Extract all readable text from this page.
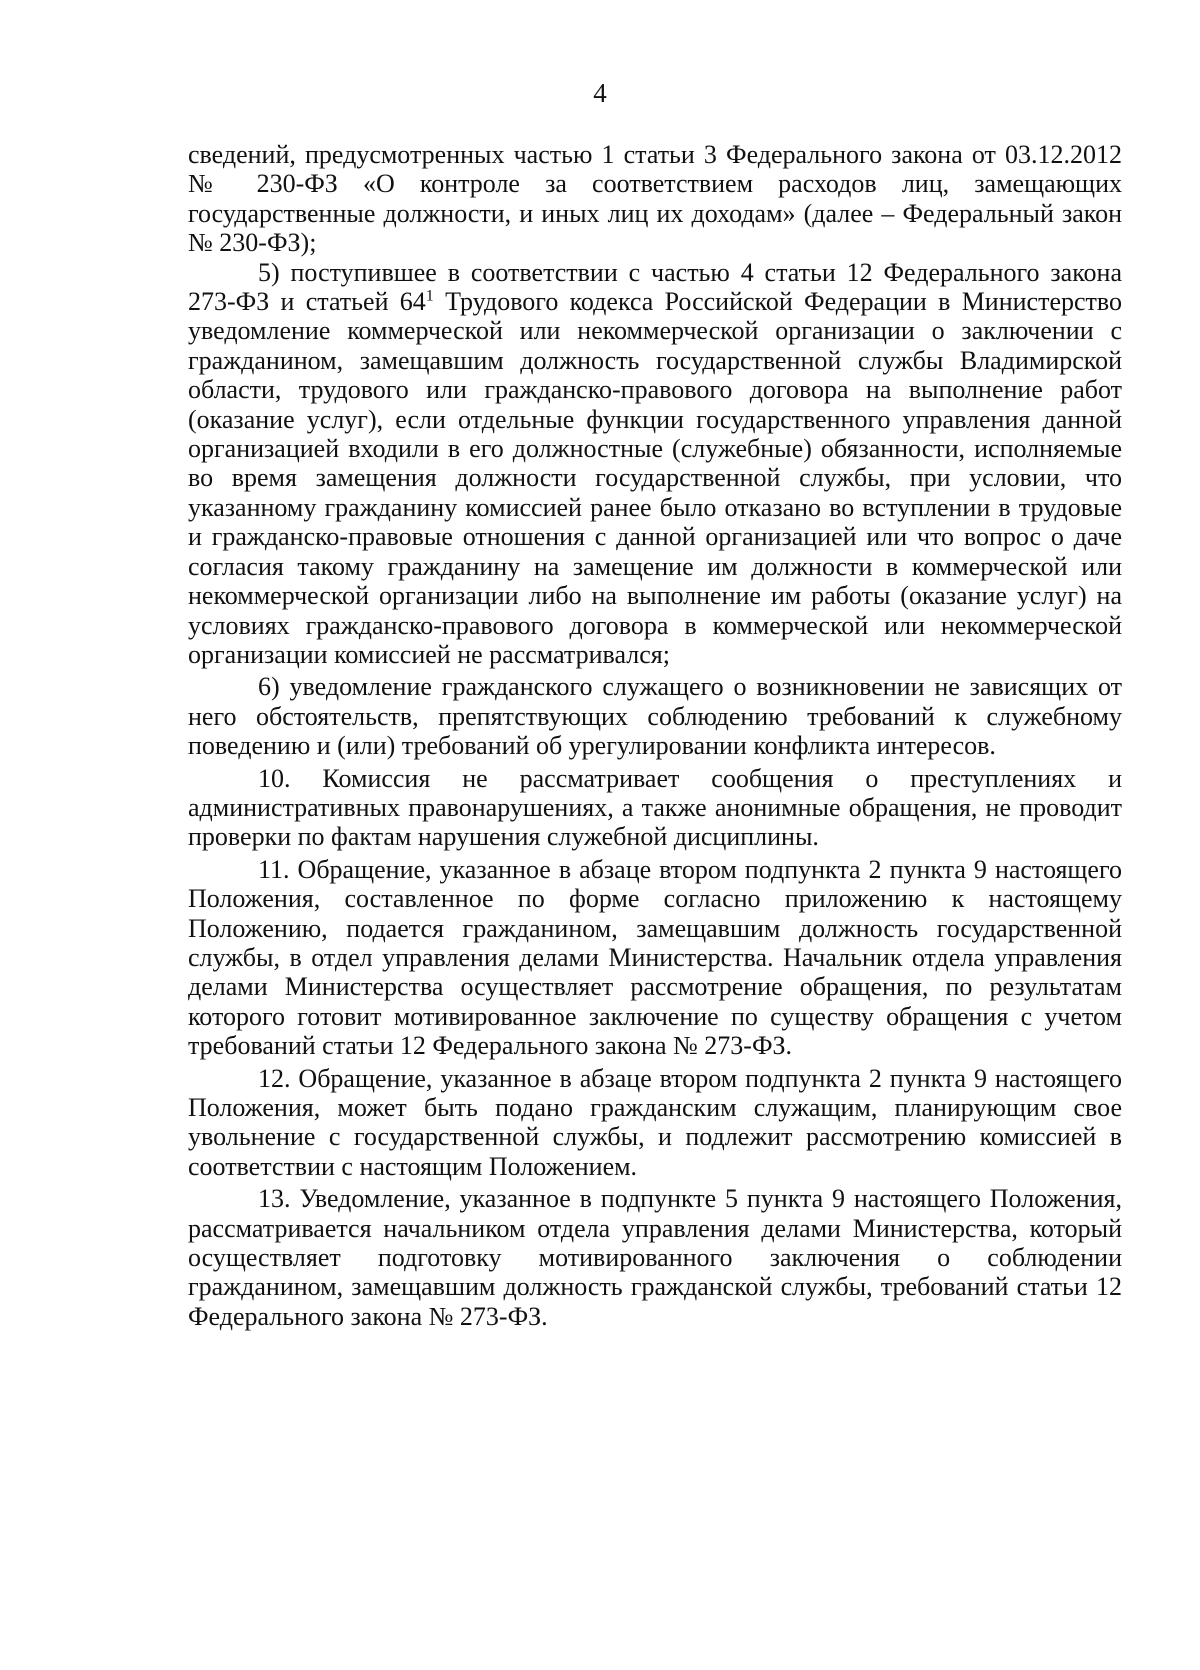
4

сведений, предусмотренных частью 1 статьи 3 Федерального закона от 03.12.2012 № 230-ФЗ «О контроле за соответствием расходов лиц, замещающих государственные должности, и иных лиц их доходам» (далее – Федеральный закон № 230-ФЗ);

5) поступившее в соответствии с частью 4 статьи 12 Федерального закона 273-ФЗ и статьей $64^1$ Трудового кодекса Российской Федерации в Министерство уведомление коммерческой или некоммерческой организации о заключении с гражданином, замещавшим должность государственной службы Владимирской области, трудового или гражданско-правового договора на выполнение работ (оказание услуг), если отдельные функции государственного управления данной организацией входили в его должностные (служебные) обязанности, исполняемые во время замещения должности государственной службы, при условии, что указанному гражданину комиссией ранее было отказано во вступлении в трудовые и гражданско-правовые отношения с данной организацией или что вопрос о даче согласия такому гражданину на замещение им должности в коммерческой или некоммерческой организации либо на выполнение им работы (оказание услуг) на условиях гражданско-правового договора в коммерческой или некоммерческой организации комиссией не рассматривался;

6) уведомление гражданского служащего о возникновении не зависящих от него обстоятельств, препятствующих соблюдению требований к служебному поведению и (или) требований об урегулировании конфликта интересов.

10. Комиссия не рассматривает сообщения о преступлениях и административных правонарушениях, а также анонимные обращения, не проводит проверки по фактам нарушения служебной дисциплины.

11. Обращение, указанное в абзаце втором подпункта 2 пункта 9 настоящего Положения, составленное по форме согласно приложению к настоящему Положению, подается гражданином, замещавшим должность государственной службы, в отдел управления делами Министерства. Начальник отдела управления делами Министерства осуществляет рассмотрение обращения, по результатам которого готовит мотивированное заключение по существу обращения с учетом требований статьи 12 Федерального закона № 273-ФЗ.

12. Обращение, указанное в абзаце втором подпункта 2 пункта 9 настоящего Положения, может быть подано гражданским служащим, планирующим свое увольнение с государственной службы, и подлежит рассмотрению комиссией в соответствии с настоящим Положением.

13. Уведомление, указанное в подпункте 5 пункта 9 настоящего Положения, рассматривается начальником отдела управления делами Министерства, который осуществляет подготовку мотивированного заключения о соблюдении гражданином, замещавшим должность гражданской службы, требований статьи 12 Федерального закона № 273-ФЗ.
